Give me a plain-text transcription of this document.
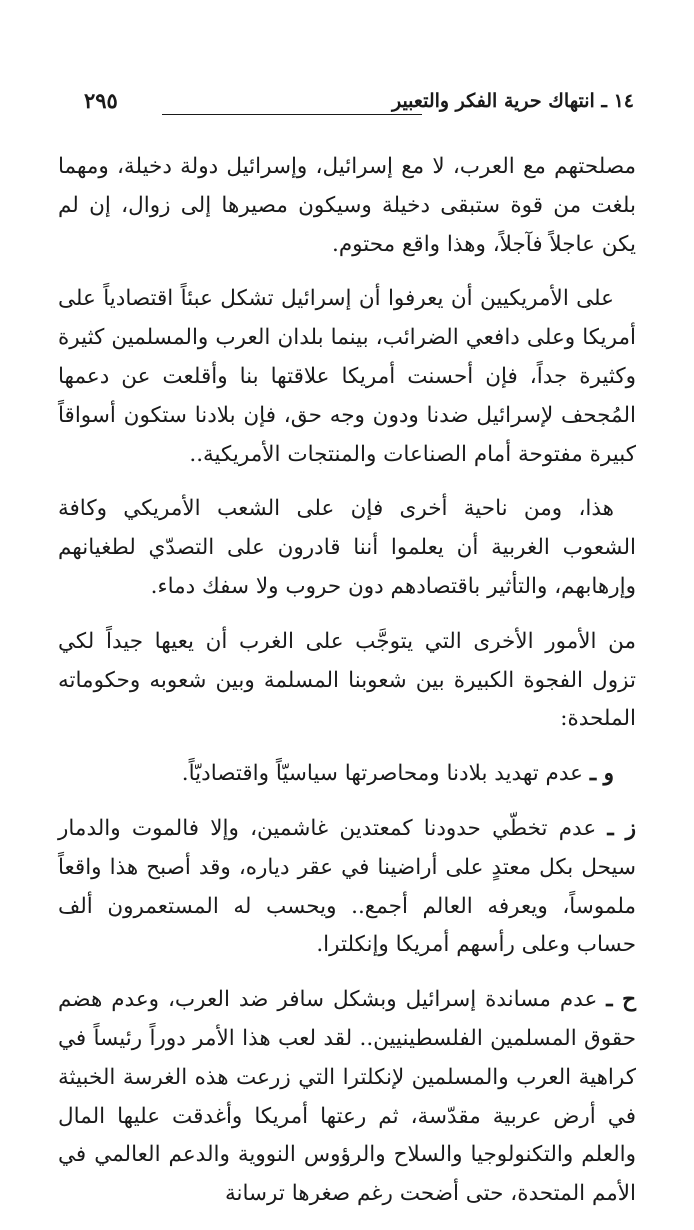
١٤ ـ انتهاك حرية الفكر والتعبير
٢٩٥

مصلحتهم مع العرب، لا مع إسرائيل، وإسرائيل دولة دخيلة، ومهما بلغت من قوة ستبقى دخيلة وسيكون مصيرها إلى زوال، إن لم يكن عاجلاً فآجلاً، وهذا واقع محتوم.

على الأمريكيين أن يعرفوا أن إسرائيل تشكل عبئاً اقتصادياً على أمريكا وعلى دافعي الضرائب، بينما بلدان العرب والمسلمين كثيرة وكثيرة جداً، فإن أحسنت أمريكا علاقتها بنا وأقلعت عن دعمها المُجحف لإسرائيل ضدنا ودون وجه حق، فإن بلادنا ستكون أسواقاً كبيرة مفتوحة أمام الصناعات والمنتجات الأمريكية..

هذا، ومن ناحية أخرى فإن على الشعب الأمريكي وكافة الشعوب الغربية أن يعلموا أننا قادرون على التصدّي لطغيانهم وإرهابهم، والتأثير باقتصادهم دون حروب ولا سفك دماء.

من الأمور الأخرى التي يتوجَّب على الغرب أن يعيها جيداً لكي تزول الفجوة الكبيرة بين شعوبنا المسلمة وبين شعوبه وحكوماته الملحدة:

و ـ عدم تهديد بلادنا ومحاصرتها سياسيّاً واقتصاديّاً.

ز ـ عدم تخطّي حدودنا كمعتدين غاشمين، وإلا فالموت والدمار سيحل بكل معتدٍ على أراضينا في عقر دياره، وقد أصبح هذا واقعاً ملموساً، ويعرفه العالم أجمع.. ويحسب له المستعمرون ألف حساب وعلى رأسهم أمريكا وإنكلترا.

ح ـ عدم مساندة إسرائيل وبشكل سافر ضد العرب، وعدم هضم حقوق المسلمين الفلسطينيين.. لقد لعب هذا الأمر دوراً رئيساً في كراهية العرب والمسلمين لإنكلترا التي زرعت هذه الغرسة الخبيثة في أرض عربية مقدّسة، ثم رعتها أمريكا وأغدقت عليها المال والعلم والتكنولوجيا والسلاح والرؤوس النووية والدعم العالمي في الأمم المتحدة، حتى أضحت رغم صغرها ترسانة
